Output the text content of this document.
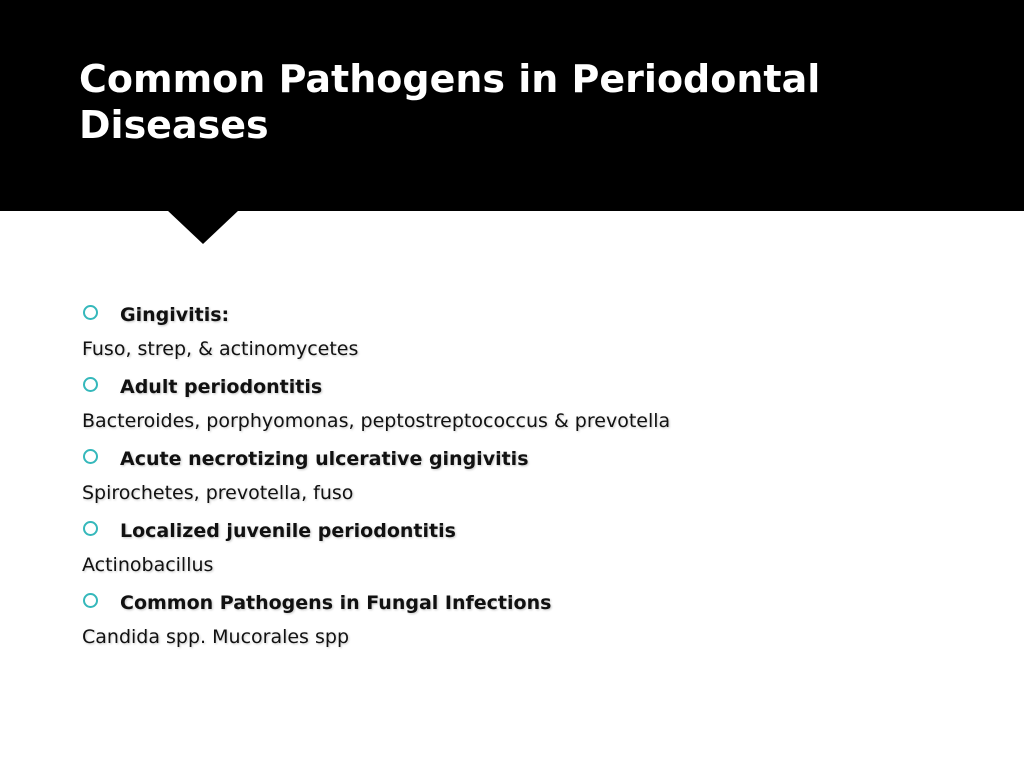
Common Pathogens in Periodontal Diseases
Gingivitis:
Fuso, strep, & actinomycetes
Adult periodontitis
Bacteroides, porphyomonas, peptostreptococcus & prevotella
Acute necrotizing ulcerative gingivitis
Spirochetes, prevotella, fuso
Localized juvenile periodontitis
Actinobacillus
Common Pathogens in Fungal Infections
Candida spp. Mucorales spp
